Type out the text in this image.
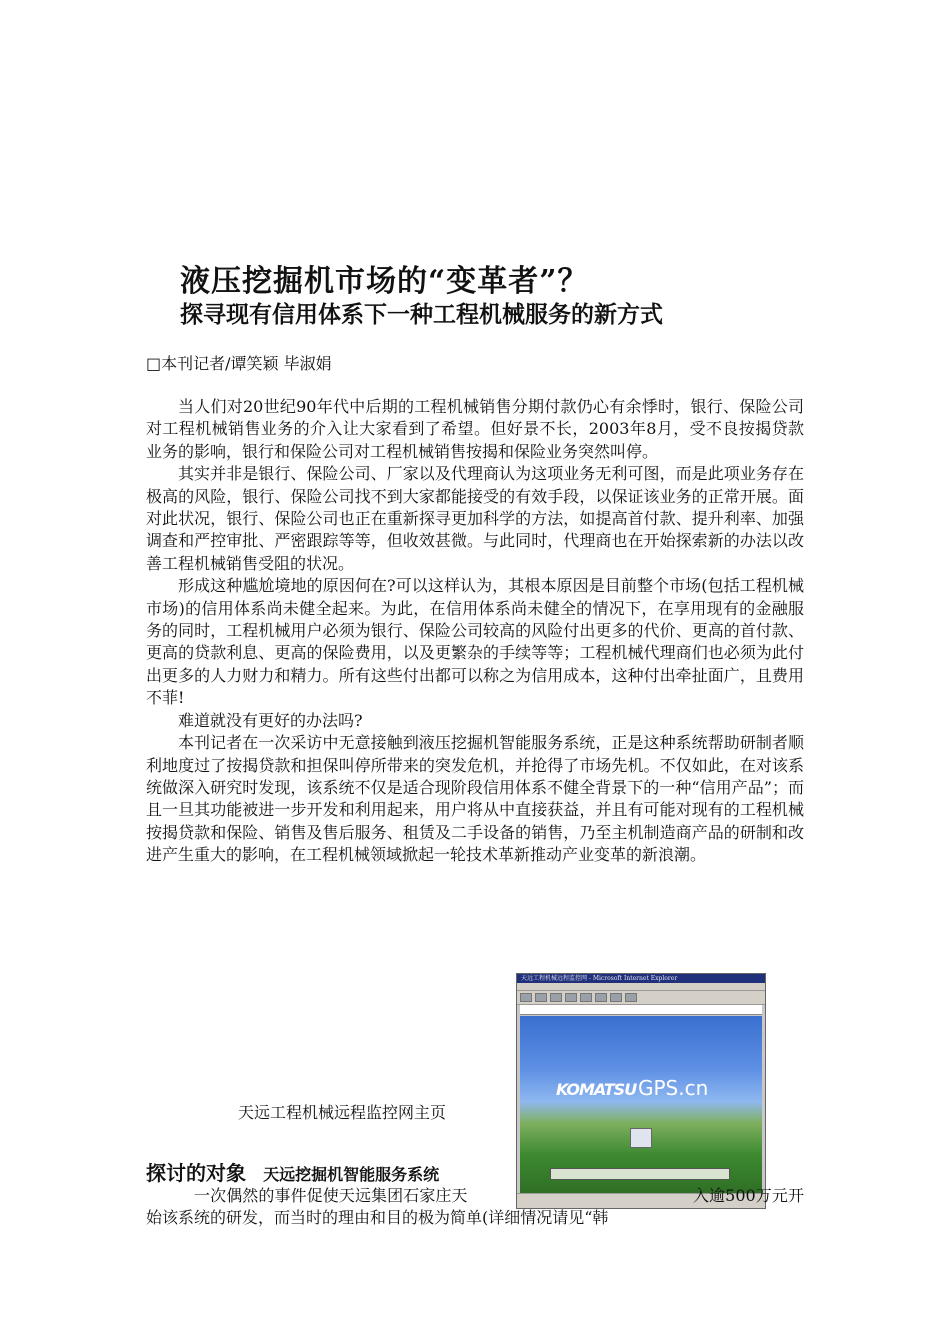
液压挖掘机市场的“变革者”？
探寻现有信用体系下一种工程机械服务的新方式
□本刊记者/谭笑颖 毕淑娟

当人们对20世纪90年代中后期的工程机械销售分期付款仍心有余悸时，银行、保险公司对工程机械销售业务的介入让大家看到了希望。但好景不长，2003年8月，受不良按揭贷款业务的影响，银行和保险公司对工程机械销售按揭和保险业务突然叫停。

其实并非是银行、保险公司、厂家以及代理商认为这项业务无利可图，而是此项业务存在极高的风险，银行、保险公司找不到大家都能接受的有效手段，以保证该业务的正常开展。面对此状况，银行、保险公司也正在重新探寻更加科学的方法，如提高首付款、提升利率、加强调查和严控审批、严密跟踪等等，但收效甚微。与此同时，代理商也在开始探索新的办法以改善工程机械销售受阻的状况。

形成这种尴尬境地的原因何在?可以这样认为，其根本原因是目前整个市场(包括工程机械市场)的信用体系尚未健全起来。为此，在信用体系尚未健全的情况下，在享用现有的金融服务的同时，工程机械用户必须为银行、保险公司较高的风险付出更多的代价、更高的首付款、更高的贷款利息、更高的保险费用，以及更繁杂的手续等等；工程机械代理商们也必须为此付出更多的人力财力和精力。所有这些付出都可以称之为信用成本，这种付出牵扯面广，且费用不菲!

难道就没有更好的办法吗?

本刊记者在一次采访中无意接触到液压挖掘机智能服务系统，正是这种系统帮助研制者顺利地度过了按揭贷款和担保叫停所带来的突发危机，并抢得了市场先机。不仅如此，在对该系统做深入研究时发现，该系统不仅是适合现阶段信用体系不健全背景下的一种“信用产品”；而且一旦其功能被进一步开发和利用起来，用户将从中直接获益，并且有可能对现有的工程机械按揭贷款和保险、销售及售后服务、租赁及二手设备的销售，乃至主机制造商产品的研制和改进产生重大的影响，在工程机械领域掀起一轮技术革新推动产业变革的新浪潮。

天远工程机械远程监控网 - Microsoft Internet Explorer
KOMATSU GPS.cn
天远工程机械远程监控网主页
探讨的对象 天远挖掘机智能服务系统

一次偶然的事件促使天远集团石家庄天　　　　　　　　　　　　　　入逾500万元开始该系统的研发，而当时的理由和目的极为简单(详细情况请见“韩
